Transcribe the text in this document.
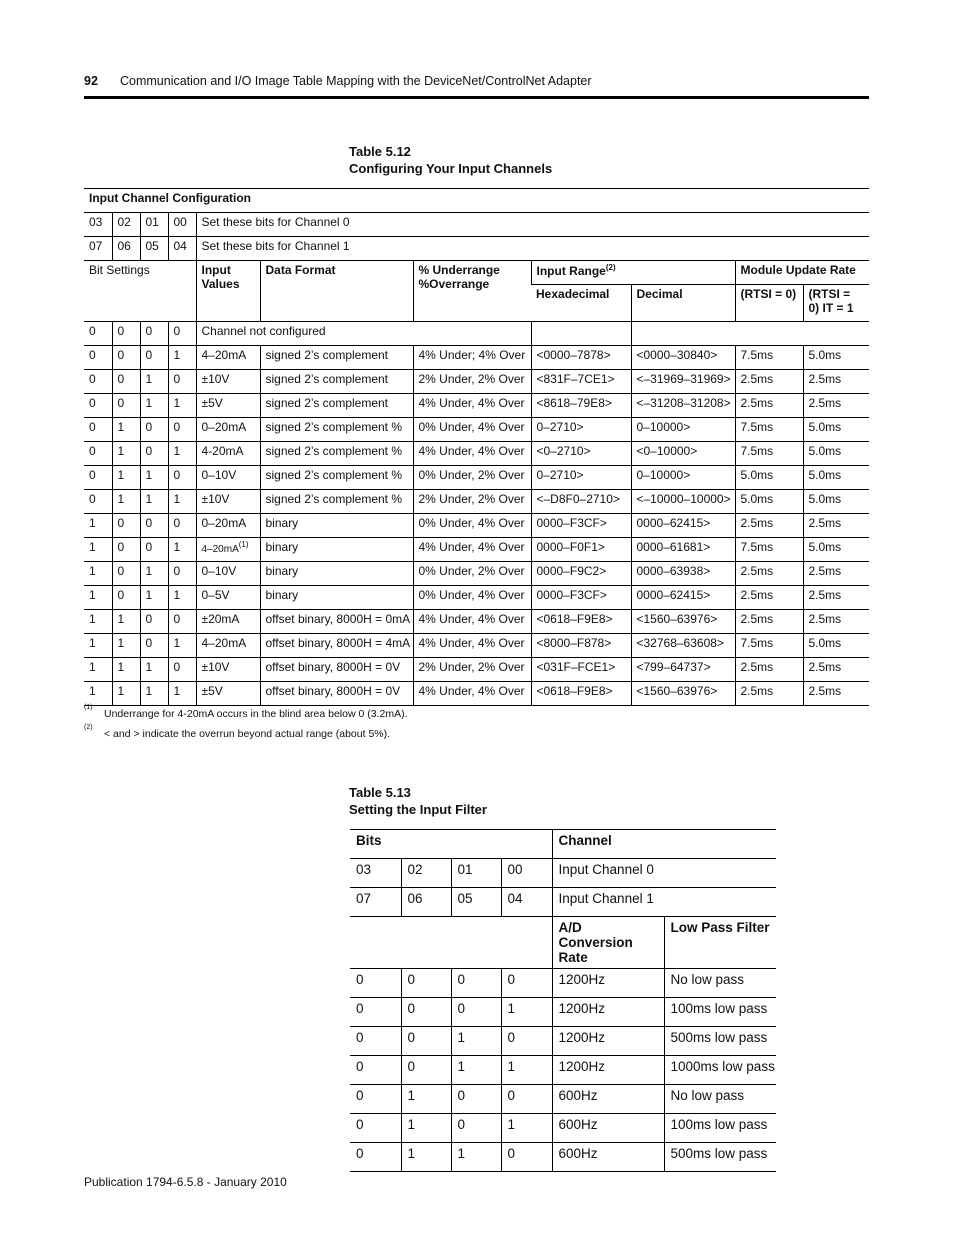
92 Communication and I/O Image Table Mapping with the DeviceNet/ControlNet Adapter
Table 5.12
Configuring Your Input Channels
Input Channel Configuration										
03	02	01	00	Set these bits for Channel 0						
07	06	05	04	Set these bits for Channel 1						
Bit Settings				Input Values	Data Format	% Underrange %Overrange	Input Range$^{(2)}$		Module Update Rate	
							Hexadecimal	Decimal	(RTSI = 0)	(RTSI = 0) IT = 1
0	0	0	0	Channel not configured						
0	0	0	1	4–20mA	signed 2’s complement	4% Under; 4% Over	<0000–7878>	<0000–30840>	7.5ms	5.0ms
0	0	1	0	±10V	signed 2’s complement	2% Under, 2% Over	<831F–7CE1>	<–31969–31969>	2.5ms	2.5ms
0	0	1	1	±5V	signed 2’s complement	4% Under, 4% Over	<8618–79E8>	<–31208–31208>	2.5ms	2.5ms
0	1	0	0	0–20mA	signed 2’s complement %	0% Under, 4% Over	0–2710>	0–10000>	7.5ms	5.0ms
0	1	0	1	4-20mA	signed 2’s complement %	4% Under, 4% Over	<0–2710>	<0–10000>	7.5ms	5.0ms
0	1	1	0	0–10V	signed 2’s complement %	0% Under, 2% Over	0–2710>	0–10000>	5.0ms	5.0ms
0	1	1	1	±10V	signed 2’s complement %	2% Under, 2% Over	<–D8F0–2710>	<–10000–10000>	5.0ms	5.0ms
1	0	0	0	0–20mA	binary	0% Under, 4% Over	0000–F3CF>	0000–62415>	2.5ms	2.5ms
1	0	0	1	$4-20mA^{(1)}$	binary	4% Under, 4% Over	0000–F0F1>	0000–61681>	7.5ms	5.0ms
1	0	1	0	0–10V	binary	0% Under, 2% Over	0000–F9C2>	0000–63938>	2.5ms	2.5ms
1	0	1	1	0–5V	binary	0% Under, 4% Over	0000–F3CF>	0000–62415>	2.5ms	2.5ms
1	1	0	0	±20mA	offset binary, 8000H = 0mA	4% Under, 4% Over	<0618–F9E8>	<1560–63976>	2.5ms	2.5ms
1	1	0	1	4–20mA	offset binary, 8000H = 4mA	4% Under, 4% Over	<8000–F878>	<32768–63608>	7.5ms	5.0ms
1	1	1	0	±10V	offset binary, 8000H = 0V	2% Under, 2% Over	<031F–FCE1>	<799–64737>	2.5ms	2.5ms
1	1	1	1	±5V	offset binary, 8000H = 0V	4% Under, 4% Over	<0618–F9E8>	<1560–63976>	2.5ms	2.5ms
(1)
Underrange for 4-20mA occurs in the blind area below 0 (3.2mA).
(2)
< and > indicate the overrun beyond actual range (about 5%).
Table 5.13
Setting the Input Filter
Bits				Channel	
03	02	01	00	Input Channel 0	
07	06	05	04	Input Channel 1	
				A/D Conversion Rate	Low Pass Filter
0	0	0	0	1200Hz	No low pass
0	0	0	1	1200Hz	100ms low pass
0	0	1	0	1200Hz	500ms low pass
0	0	1	1	1200Hz	1000ms low pass
0	1	0	0	600Hz	No low pass
0	1	0	1	600Hz	100ms low pass
0	1	1	0	600Hz	500ms low pass
Publication 1794-6.5.8 - January 2010
